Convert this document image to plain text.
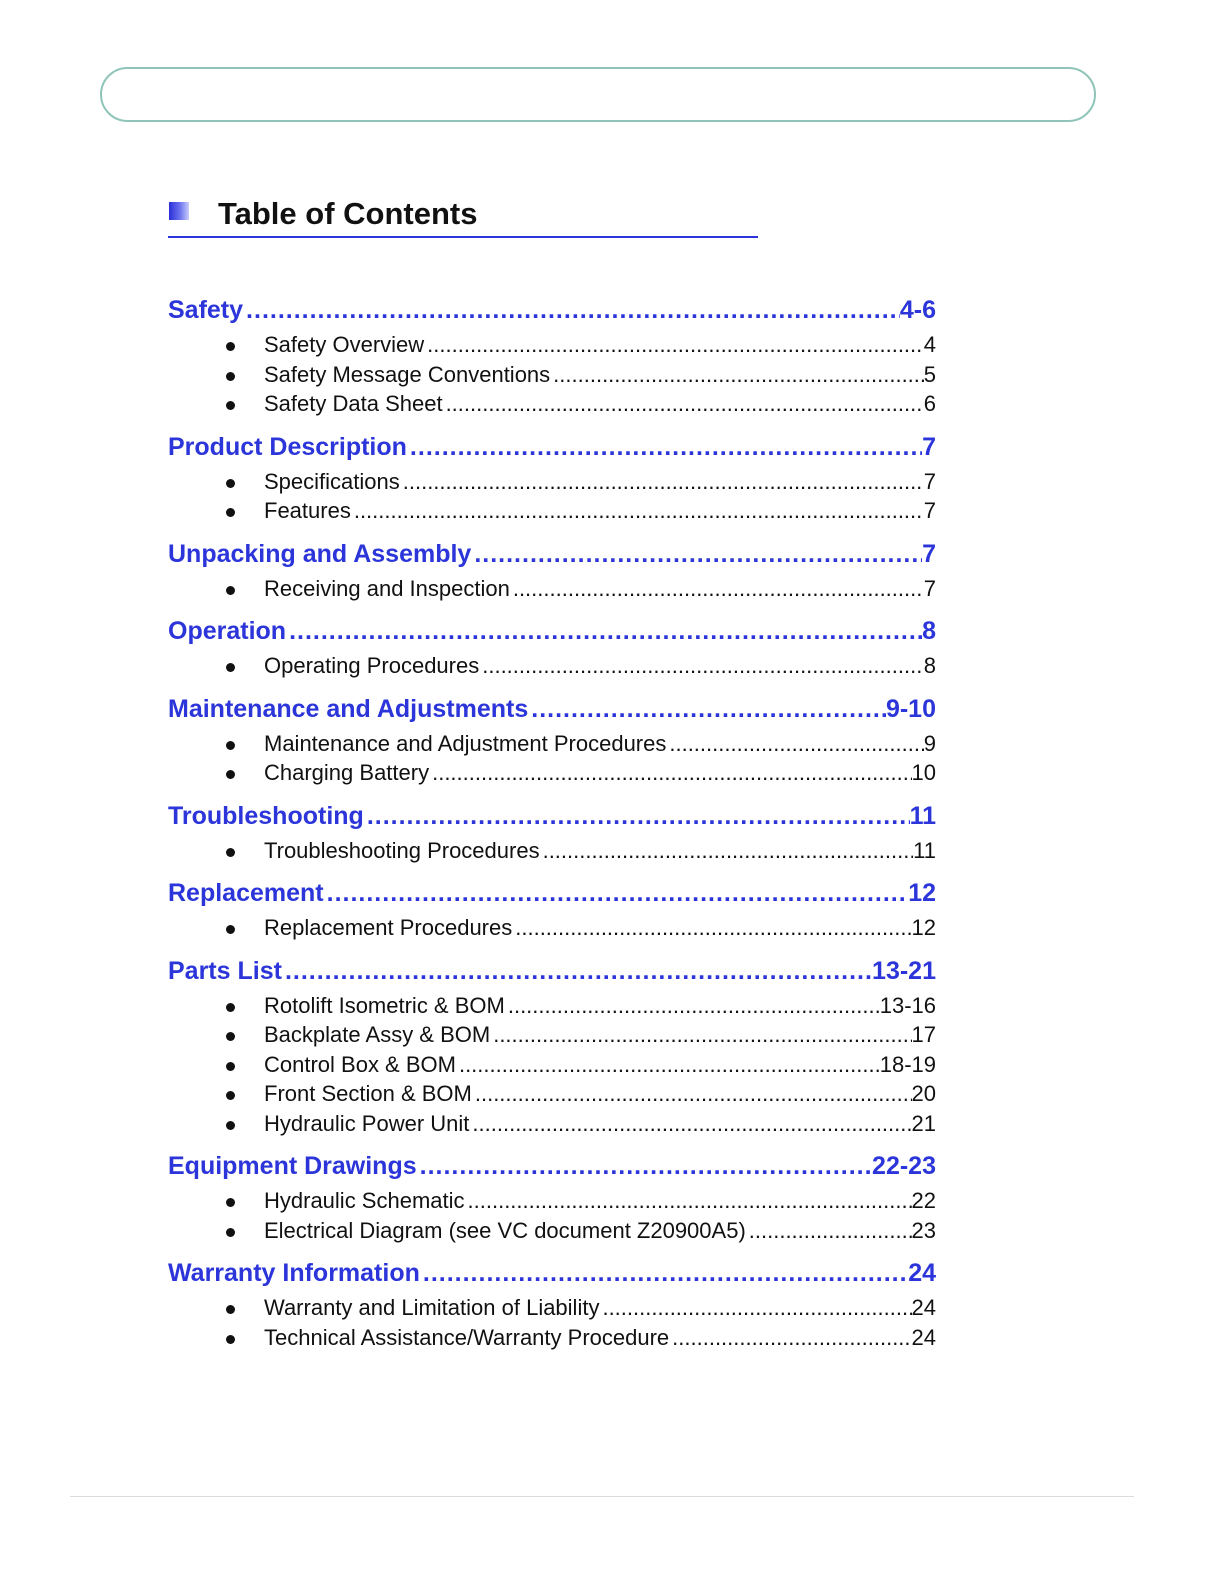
Table of Contents
Safety .....	4-6
Safety Overview .....	4
Safety Message Conventions .....	5
Safety Data Sheet .....	6
Product Description .....	7
Specifications .....	7
Features .....	7
Unpacking and Assembly .....	7
Receiving and Inspection .....	7
Operation .....	8
Operating Procedures .....	8
Maintenance and Adjustments .....	9-10
Maintenance and Adjustment Procedures .....	9
Charging Battery .....	10
Troubleshooting .....	11
Troubleshooting Procedures .....	11
Replacement .....	12
Replacement Procedures .....	12
Parts List .....	13-21
Rotolift Isometric & BOM .....	13-16
Backplate Assy & BOM .....	17
Control Box & BOM .....	18-19
Front Section & BOM .....	20
Hydraulic Power Unit .....	21
Equipment Drawings .....	22-23
Hydraulic Schematic .....	22
Electrical Diagram (see VC document Z20900A5) .....	23
Warranty Information .....	24
Warranty and Limitation of Liability .....	24
Technical Assistance/Warranty Procedure .....	24
